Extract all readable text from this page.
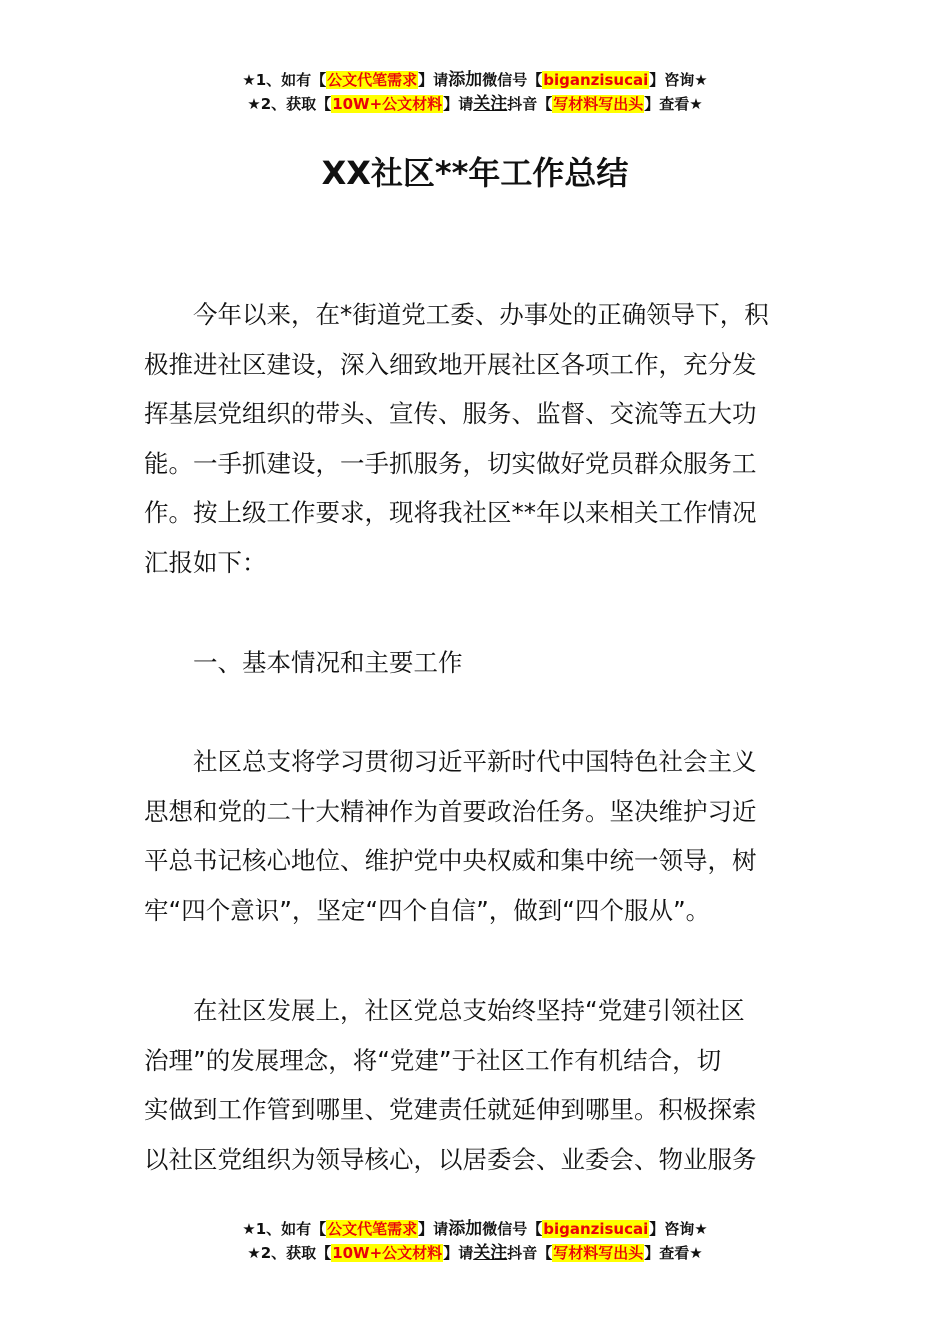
★1、如有【公文代笔需求】请添加微信号【biganzisucai】咨询★
★2、获取【10W+公文材料】请关注抖音【写材料写出头】查看★
XX社区**年工作总结
今年以来，在*街道党工委、办事处的正确领导下，积
极推进社区建设，深入细致地开展社区各项工作，充分发
挥基层党组织的带头、宣传、服务、监督、交流等五大功
能。一手抓建设，一手抓服务，切实做好党员群众服务工
作。按上级工作要求，现将我社区**年以来相关工作情况
汇报如下：
一、基本情况和主要工作
社区总支将学习贯彻习近平新时代中国特色社会主义
思想和党的二十大精神作为首要政治任务。坚决维护习近
平总书记核心地位、维护党中央权威和集中统一领导，树
牢“四个意识”，坚定“四个自信”，做到“四个服从”。
在社区发展上，社区党总支始终坚持“党建引领社区
治理”的发展理念，将“党建”于社区工作有机结合，切
实做到工作管到哪里、党建责任就延伸到哪里。积极探索
以社区党组织为领导核心，以居委会、业委会、物业服务
★1、如有【公文代笔需求】请添加微信号【biganzisucai】咨询★
★2、获取【10W+公文材料】请关注抖音【写材料写出头】查看★
